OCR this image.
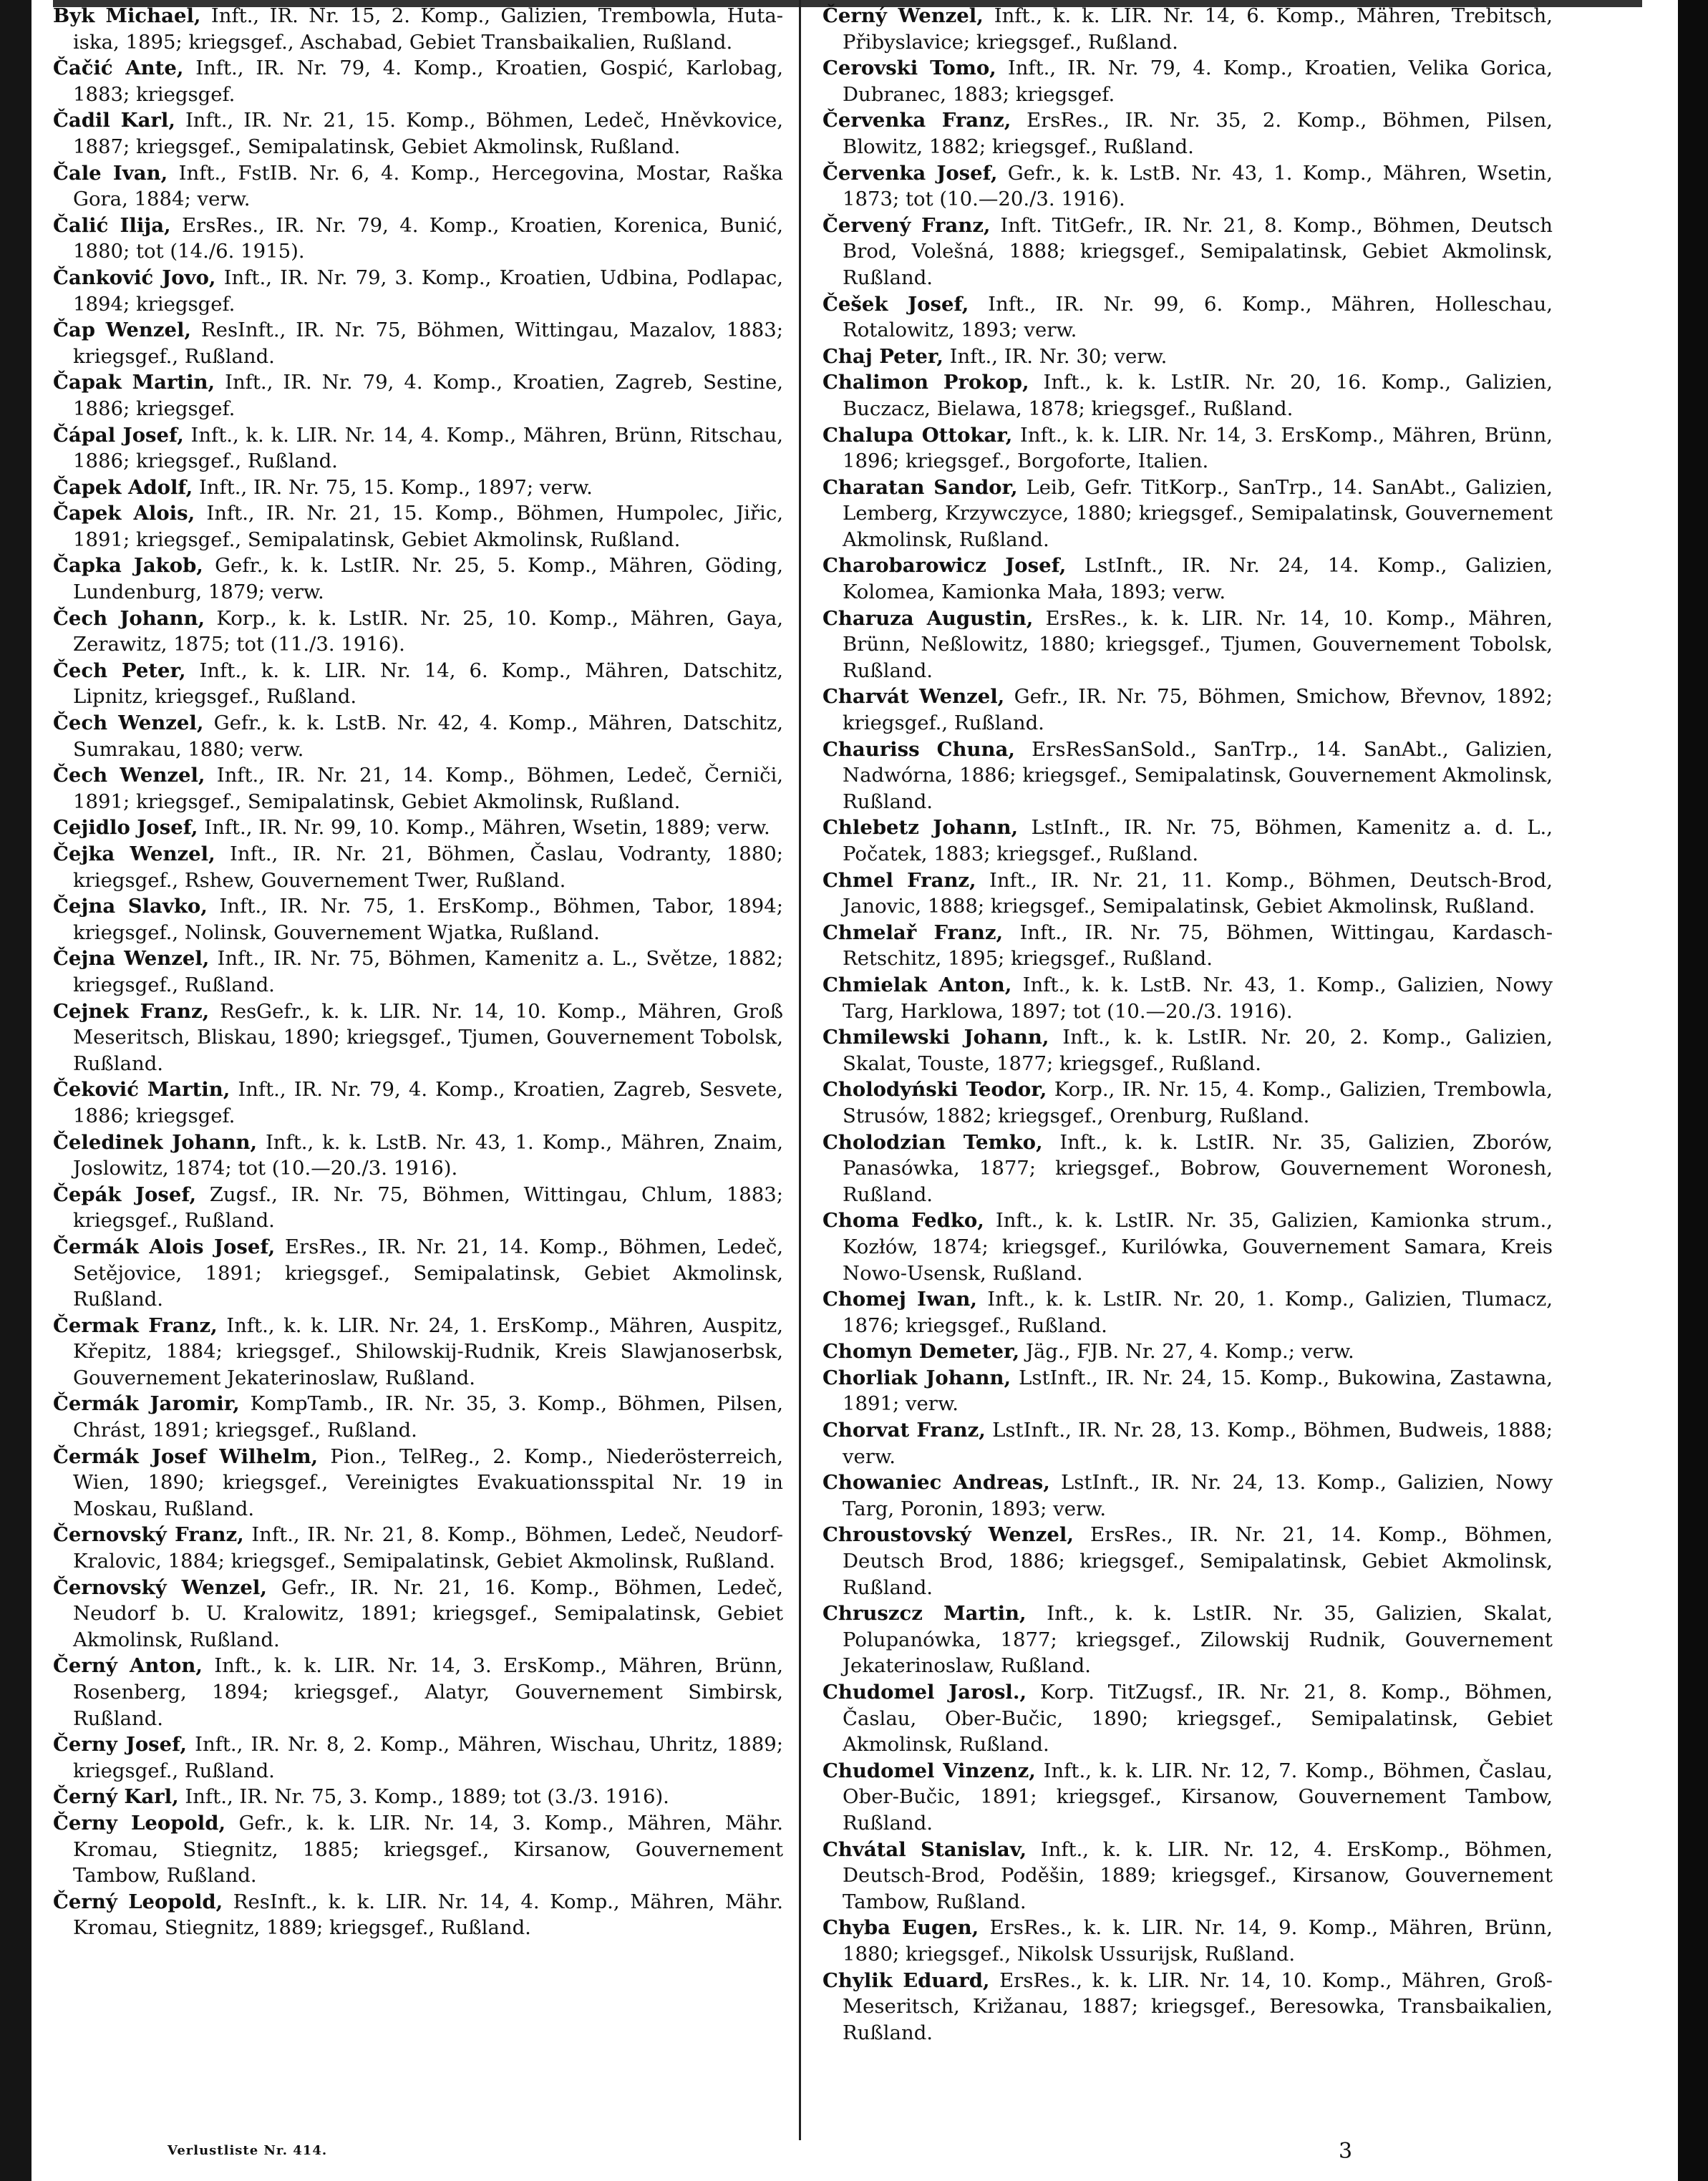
Byk Michael, Inft., IR. Nr. 15, 2. Komp., Galizien, Trembowla, Huta-iska, 1895; kriegsgef., Aschabad, Gebiet Transbaikalien, Rußland.

Čačić Ante, Inft., IR. Nr. 79, 4. Komp., Kroatien, Gospić, Karlobag, 1883; kriegsgef.

Čadil Karl, Inft., IR. Nr. 21, 15. Komp., Böhmen, Ledeč, Hněvkovice, 1887; kriegsgef., Semipalatinsk, Gebiet Akmolinsk, Rußland.

Čale Ivan, Inft., FstIB. Nr. 6, 4. Komp., Hercegovina, Mostar, Raška Gora, 1884; verw.

Čalić Ilija, ErsRes., IR. Nr. 79, 4. Komp., Kroatien, Korenica, Bunić, 1880; tot (14./6. 1915).

Čanković Jovo, Inft., IR. Nr. 79, 3. Komp., Kroatien, Udbina, Podlapac, 1894; kriegsgef.

Čap Wenzel, ResInft., IR. Nr. 75, Böhmen, Wittingau, Mazalov, 1883; kriegsgef., Rußland.

Čapak Martin, Inft., IR. Nr. 79, 4. Komp., Kroatien, Zagreb, Sestine, 1886; kriegsgef.

Čápal Josef, Inft., k. k. LIR. Nr. 14, 4. Komp., Mähren, Brünn, Ritschau, 1886; kriegsgef., Rußland.

Čapek Adolf, Inft., IR. Nr. 75, 15. Komp., 1897; verw.

Čapek Alois, Inft., IR. Nr. 21, 15. Komp., Böhmen, Humpolec, Jiřic, 1891; kriegsgef., Semipalatinsk, Gebiet Akmolinsk, Rußland.

Čapka Jakob, Gefr., k. k. LstIR. Nr. 25, 5. Komp., Mähren, Göding, Lundenburg, 1879; verw.

Čech Johann, Korp., k. k. LstIR. Nr. 25, 10. Komp., Mähren, Gaya, Zerawitz, 1875; tot (11./3. 1916).

Čech Peter, Inft., k. k. LIR. Nr. 14, 6. Komp., Mähren, Datschitz, Lipnitz, kriegsgef., Rußland.

Čech Wenzel, Gefr., k. k. LstB. Nr. 42, 4. Komp., Mähren, Datschitz, Sumrakau, 1880; verw.

Čech Wenzel, Inft., IR. Nr. 21, 14. Komp., Böhmen, Ledeč, Černiči, 1891; kriegsgef., Semipalatinsk, Gebiet Akmolinsk, Rußland.

Cejidlo Josef, Inft., IR. Nr. 99, 10. Komp., Mähren, Wsetin, 1889; verw.

Čejka Wenzel, Inft., IR. Nr. 21, Böhmen, Časlau, Vodranty, 1880; kriegsgef., Rshew, Gouvernement Twer, Rußland.

Čejna Slavko, Inft., IR. Nr. 75, 1. ErsKomp., Böhmen, Tabor, 1894; kriegsgef., Nolinsk, Gouvernement Wjatka, Rußland.

Čejna Wenzel, Inft., IR. Nr. 75, Böhmen, Kamenitz a. L., Světze, 1882; kriegsgef., Rußland.

Cejnek Franz, ResGefr., k. k. LIR. Nr. 14, 10. Komp., Mähren, Groß Meseritsch, Bliskau, 1890; kriegsgef., Tjumen, Gouvernement Tobolsk, Rußland.

Čeković Martin, Inft., IR. Nr. 79, 4. Komp., Kroatien, Zagreb, Sesvete, 1886; kriegsgef.

Čeledinek Johann, Inft., k. k. LstB. Nr. 43, 1. Komp., Mähren, Znaim, Joslowitz, 1874; tot (10.—20./3. 1916).

Čepák Josef, Zugsf., IR. Nr. 75, Böhmen, Wittingau, Chlum, 1883; kriegsgef., Rußland.

Čermák Alois Josef, ErsRes., IR. Nr. 21, 14. Komp., Böhmen, Ledeč, Setějovice, 1891; kriegsgef., Semipalatinsk, Gebiet Akmolinsk, Rußland.

Čermak Franz, Inft., k. k. LIR. Nr. 24, 1. ErsKomp., Mähren, Auspitz, Křepitz, 1884; kriegsgef., Shilowskij-Rudnik, Kreis Slawjanoserbsk, Gouvernement Jekaterinoslaw, Rußland.

Čermák Jaromir, KompTamb., IR. Nr. 35, 3. Komp., Böhmen, Pilsen, Chrást, 1891; kriegsgef., Rußland.

Čermák Josef Wilhelm, Pion., TelReg., 2. Komp., Niederösterreich, Wien, 1890; kriegsgef., Vereinigtes Evakuationsspital Nr. 19 in Moskau, Rußland.

Černovský Franz, Inft., IR. Nr. 21, 8. Komp., Böhmen, Ledeč, Neudorf-Kralovic, 1884; kriegsgef., Semipalatinsk, Gebiet Akmolinsk, Rußland.

Černovský Wenzel, Gefr., IR. Nr. 21, 16. Komp., Böhmen, Ledeč, Neudorf b. U. Kralowitz, 1891; kriegsgef., Semipalatinsk, Gebiet Akmolinsk, Rußland.

Černý Anton, Inft., k. k. LIR. Nr. 14, 3. ErsKomp., Mähren, Brünn, Rosenberg, 1894; kriegsgef., Alatyr, Gouvernement Simbirsk, Rußland.

Černy Josef, Inft., IR. Nr. 8, 2. Komp., Mähren, Wischau, Uhritz, 1889; kriegsgef., Rußland.

Černý Karl, Inft., IR. Nr. 75, 3. Komp., 1889; tot (3./3. 1916).

Černy Leopold, Gefr., k. k. LIR. Nr. 14, 3. Komp., Mähren, Mähr. Kromau, Stiegnitz, 1885; kriegsgef., Kirsanow, Gouvernement Tambow, Rußland.

Černý Leopold, ResInft., k. k. LIR. Nr. 14, 4. Komp., Mähren, Mähr. Kromau, Stiegnitz, 1889; kriegsgef., Rußland.

Černý Wenzel, Inft., k. k. LIR. Nr. 14, 6. Komp., Mähren, Trebitsch, Přibyslavice; kriegsgef., Rußland.

Cerovski Tomo, Inft., IR. Nr. 79, 4. Komp., Kroatien, Velika Gorica, Dubranec, 1883; kriegsgef.

Červenka Franz, ErsRes., IR. Nr. 35, 2. Komp., Böhmen, Pilsen, Blowitz, 1882; kriegsgef., Rußland.

Červenka Josef, Gefr., k. k. LstB. Nr. 43, 1. Komp., Mähren, Wsetin, 1873; tot (10.—20./3. 1916).

Červený Franz, Inft. TitGefr., IR. Nr. 21, 8. Komp., Böhmen, Deutsch Brod, Volešná, 1888; kriegsgef., Semipalatinsk, Gebiet Akmolinsk, Rußland.

Češek Josef, Inft., IR. Nr. 99, 6. Komp., Mähren, Holleschau, Rotalowitz, 1893; verw.

Chaj Peter, Inft., IR. Nr. 30; verw.

Chalimon Prokop, Inft., k. k. LstIR. Nr. 20, 16. Komp., Galizien, Buczacz, Bielawa, 1878; kriegsgef., Rußland.

Chalupa Ottokar, Inft., k. k. LIR. Nr. 14, 3. ErsKomp., Mähren, Brünn, 1896; kriegsgef., Borgoforte, Italien.

Charatan Sandor, Leib, Gefr. TitKorp., SanTrp., 14. SanAbt., Galizien, Lemberg, Krzywczyce, 1880; kriegsgef., Semipalatinsk, Gouvernement Akmolinsk, Rußland.

Charobarowicz Josef, LstInft., IR. Nr. 24, 14. Komp., Galizien, Kolomea, Kamionka Mała, 1893; verw.

Charuza Augustin, ErsRes., k. k. LIR. Nr. 14, 10. Komp., Mähren, Brünn, Neßlowitz, 1880; kriegsgef., Tjumen, Gouvernement Tobolsk, Rußland.

Charvát Wenzel, Gefr., IR. Nr. 75, Böhmen, Smichow, Břevnov, 1892; kriegsgef., Rußland.

Chauriss Chuna, ErsResSanSold., SanTrp., 14. SanAbt., Galizien, Nadwórna, 1886; kriegsgef., Semipalatinsk, Gouvernement Akmolinsk, Rußland.

Chlebetz Johann, LstInft., IR. Nr. 75, Böhmen, Kamenitz a. d. L., Počatek, 1883; kriegsgef., Rußland.

Chmel Franz, Inft., IR. Nr. 21, 11. Komp., Böhmen, Deutsch-Brod, Janovic, 1888; kriegsgef., Semipalatinsk, Gebiet Akmolinsk, Rußland.

Chmelař Franz, Inft., IR. Nr. 75, Böhmen, Wittingau, Kardasch-Retschitz, 1895; kriegsgef., Rußland.

Chmielak Anton, Inft., k. k. LstB. Nr. 43, 1. Komp., Galizien, Nowy Targ, Harklowa, 1897; tot (10.—20./3. 1916).

Chmilewski Johann, Inft., k. k. LstIR. Nr. 20, 2. Komp., Galizien, Skalat, Touste, 1877; kriegsgef., Rußland.

Cholodyński Teodor, Korp., IR. Nr. 15, 4. Komp., Galizien, Trembowla, Strusów, 1882; kriegsgef., Orenburg, Rußland.

Cholodzian Temko, Inft., k. k. LstIR. Nr. 35, Galizien, Zborów, Panasówka, 1877; kriegsgef., Bobrow, Gouvernement Woronesh, Rußland.

Choma Fedko, Inft., k. k. LstIR. Nr. 35, Galizien, Kamionka strum., Kozłów, 1874; kriegsgef., Kurilówka, Gouvernement Samara, Kreis Nowo-Usensk, Rußland.

Chomej Iwan, Inft., k. k. LstIR. Nr. 20, 1. Komp., Galizien, Tlumacz, 1876; kriegsgef., Rußland.

Chomyn Demeter, Jäg., FJB. Nr. 27, 4. Komp.; verw.

Chorliak Johann, LstInft., IR. Nr. 24, 15. Komp., Bukowina, Zastawna, 1891; verw.

Chorvat Franz, LstInft., IR. Nr. 28, 13. Komp., Böhmen, Budweis, 1888; verw.

Chowaniec Andreas, LstInft., IR. Nr. 24, 13. Komp., Galizien, Nowy Targ, Poronin, 1893; verw.

Chroustovský Wenzel, ErsRes., IR. Nr. 21, 14. Komp., Böhmen, Deutsch Brod, 1886; kriegsgef., Semipalatinsk, Gebiet Akmolinsk, Rußland.

Chruszcz Martin, Inft., k. k. LstIR. Nr. 35, Galizien, Skalat, Polupanówka, 1877; kriegsgef., Zilowskij Rudnik, Gouvernement Jekaterinoslaw, Rußland.

Chudomel Jarosl., Korp. TitZugsf., IR. Nr. 21, 8. Komp., Böhmen, Časlau, Ober-Bučic, 1890; kriegsgef., Semipalatinsk, Gebiet Akmolinsk, Rußland.

Chudomel Vinzenz, Inft., k. k. LIR. Nr. 12, 7. Komp., Böhmen, Časlau, Ober-Bučic, 1891; kriegsgef., Kirsanow, Gouvernement Tambow, Rußland.

Chvátal Stanislav, Inft., k. k. LIR. Nr. 12, 4. ErsKomp., Böhmen, Deutsch-Brod, Poděšin, 1889; kriegsgef., Kirsanow, Gouvernement Tambow, Rußland.

Chyba Eugen, ErsRes., k. k. LIR. Nr. 14, 9. Komp., Mähren, Brünn, 1880; kriegsgef., Nikolsk Ussurijsk, Rußland.

Chylik Eduard, ErsRes., k. k. LIR. Nr. 14, 10. Komp., Mähren, Groß-Meseritsch, Križanau, 1887; kriegsgef., Beresowka, Transbaikalien, Rußland.

Verlustliste Nr. 414.	3
